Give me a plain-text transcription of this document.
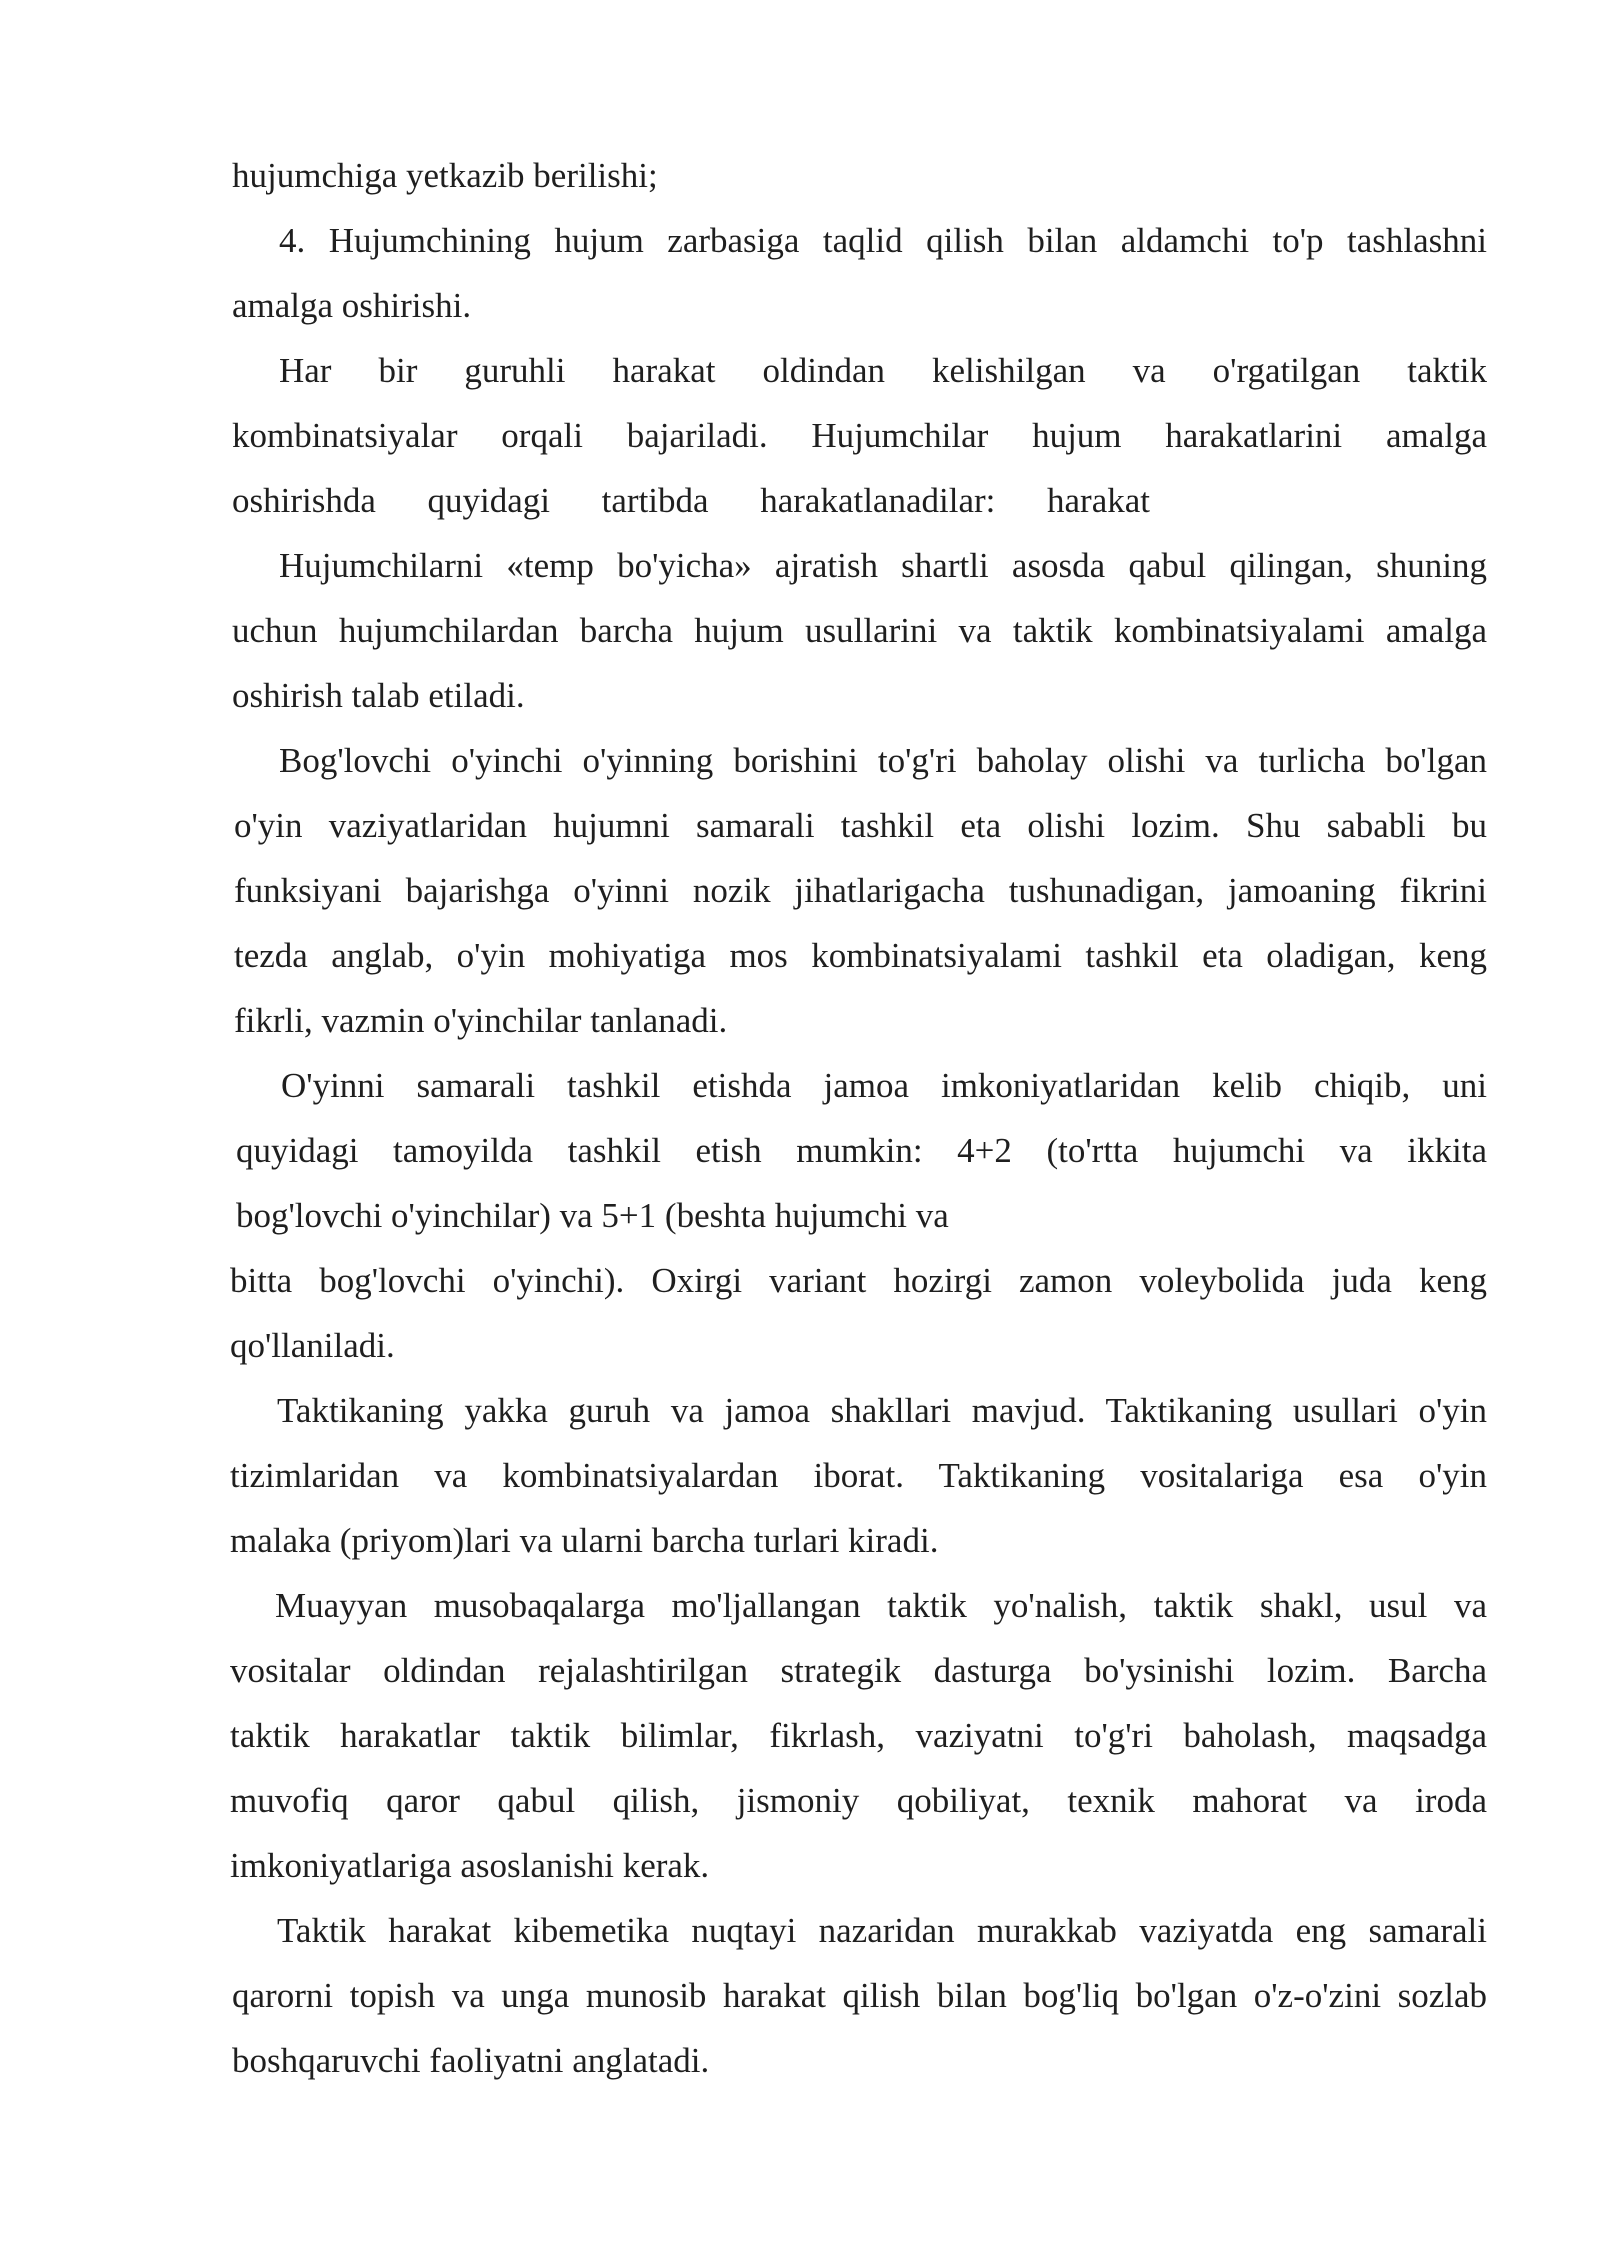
hujumchiga yetkazib berilishi;
4. Hujumchining hujum zarbasiga taqlid qilish bilan aldamchi to'p tashlashni
amalga oshirishi.
Har bir guruhli harakat oldindan kelishilgan va o'rgatilgan taktik
kombinatsiyalar orqali bajariladi. Hujumchilar hujum harakatlarini amalga
oshirishda quyidagi tartibda harakatlanadilar: harakat
Hujumchilarni «temp bo'yicha» ajratish shartli asosda qabul qilingan, shuning
uchun hujumchilardan barcha hujum usullarini va taktik kombinatsiyalami amalga
oshirish talab etiladi.
Bog'lovchi o'yinchi o'yinning borishini to'g'ri baholay olishi va turlicha bo'lgan
o'yin vaziyatlaridan hujumni samarali tashkil eta olishi lozim. Shu sababli bu
funksiyani bajarishga o'yinni nozik jihatlarigacha tushunadigan, jamoaning fikrini
tezda anglab, o'yin mohiyatiga mos kombinatsiyalami tashkil eta oladigan, keng
fikrli, vazmin o'yinchilar tanlanadi.
O'yinni samarali tashkil etishda jamoa imkoniyatlaridan kelib chiqib, uni
quyidagi tamoyilda tashkil etish mumkin: 4+2 (to'rtta hujumchi va ikkita
bog'lovchi o'yinchilar) va 5+1 (beshta hujumchi va
bitta bog'lovchi o'yinchi). Oxirgi variant hozirgi zamon voleybolida juda keng
qo'llaniladi.
Taktikaning yakka guruh va jamoa shakllari mavjud. Taktikaning usullari o'yin
tizimlaridan va kombinatsiyalardan iborat. Taktikaning vositalariga esa o'yin
malaka (priyom)lari va ularni barcha turlari kiradi.
Muayyan musobaqalarga mo'ljallangan taktik yo'nalish, taktik shakl, usul va
vositalar oldindan rejalashtirilgan strategik dasturga bo'ysinishi lozim. Barcha
taktik harakatlar taktik bilimlar, fikrlash, vaziyatni to'g'ri baholash, maqsadga
muvofiq qaror qabul qilish, jismoniy qobiliyat, texnik mahorat va iroda
imkoniyatlariga asoslanishi kerak.
Taktik harakat kibemetika nuqtayi nazaridan murakkab vaziyatda eng samarali
qarorni topish va unga munosib harakat qilish bilan bog'liq bo'lgan o'z-o'zini sozlab
boshqaruvchi faoliyatni anglatadi.
